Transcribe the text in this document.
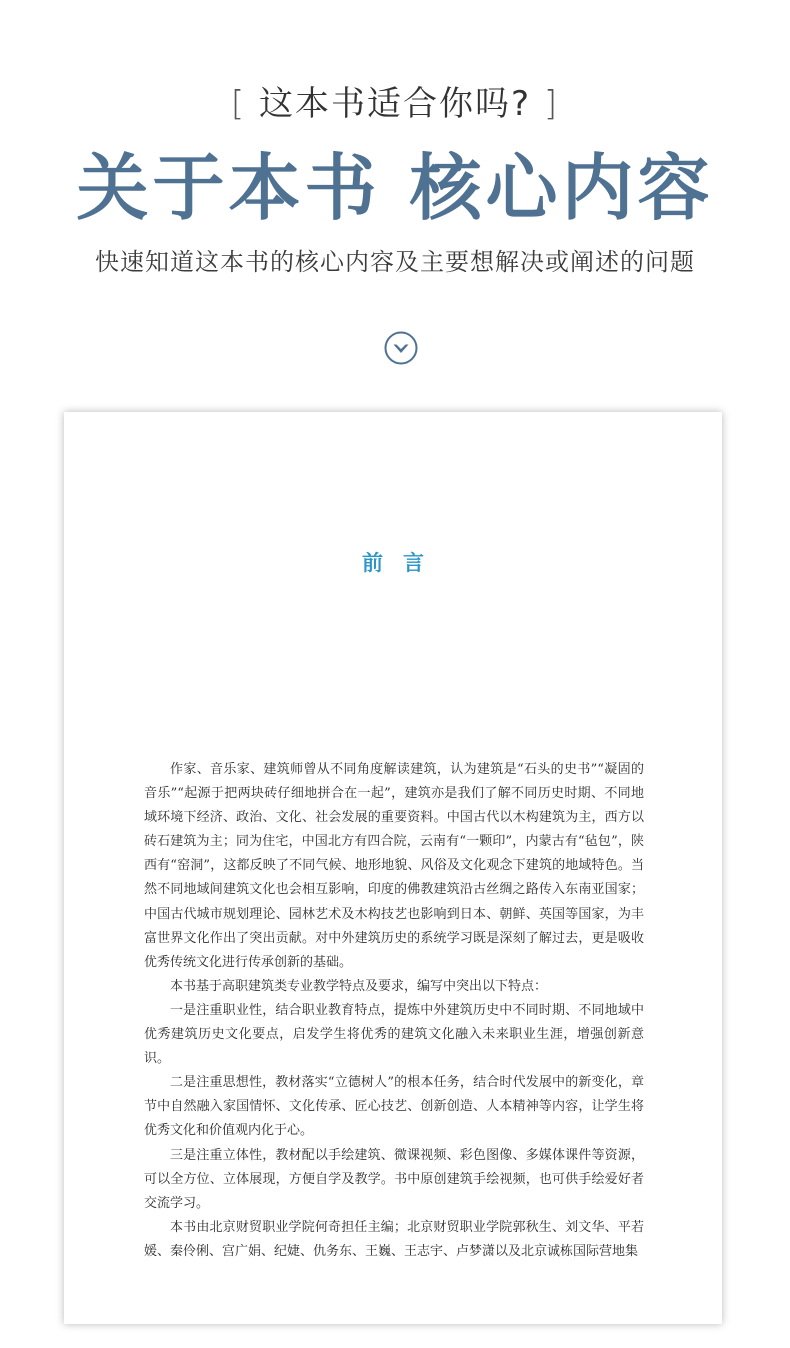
[ 这本书适合你吗? ]
关于本书 核心内容
快速知道这本书的核心内容及主要想解决或阐述的问题
前言

作家、音乐家、建筑师曾从不同角度解读建筑，认为建筑是“石头的史书”“凝固的音乐”“起源于把两块砖仔细地拼合在一起”，建筑亦是我们了解不同历史时期、不同地域环境下经济、政治、文化、社会发展的重要资料。中国古代以木构建筑为主，西方以砖石建筑为主；同为住宅，中国北方有四合院，云南有“一颗印”，内蒙古有“毡包”，陕西有“窑洞”，这都反映了不同气候、地形地貌、风俗及文化观念下建筑的地域特色。当然不同地域间建筑文化也会相互影响，印度的佛教建筑沿古丝绸之路传入东南亚国家；中国古代城市规划理论、园林艺术及木构技艺也影响到日本、朝鲜、英国等国家，为丰富世界文化作出了突出贡献。对中外建筑历史的系统学习既是深刻了解过去，更是吸收优秀传统文化进行传承创新的基础。

本书基于高职建筑类专业教学特点及要求，编写中突出以下特点：

一是注重职业性，结合职业教育特点，提炼中外建筑历史中不同时期、不同地域中优秀建筑历史文化要点，启发学生将优秀的建筑文化融入未来职业生涯，增强创新意识。

二是注重思想性，教材落实“立德树人”的根本任务，结合时代发展中的新变化，章节中自然融入家国情怀、文化传承、匠心技艺、创新创造、人本精神等内容，让学生将优秀文化和价值观内化于心。

三是注重立体性，教材配以手绘建筑、微课视频、彩色图像、多媒体课件等资源，可以全方位、立体展现，方便自学及教学。书中原创建筑手绘视频，也可供手绘爱好者交流学习。

本书由北京财贸职业学院何奇担任主编；北京财贸职业学院郭秋生、刘文华、平若媛、秦伶俐、宫广娟、纪婕、仇务东、王巍、王志宇、卢梦潇以及北京诚栋国际营地集
